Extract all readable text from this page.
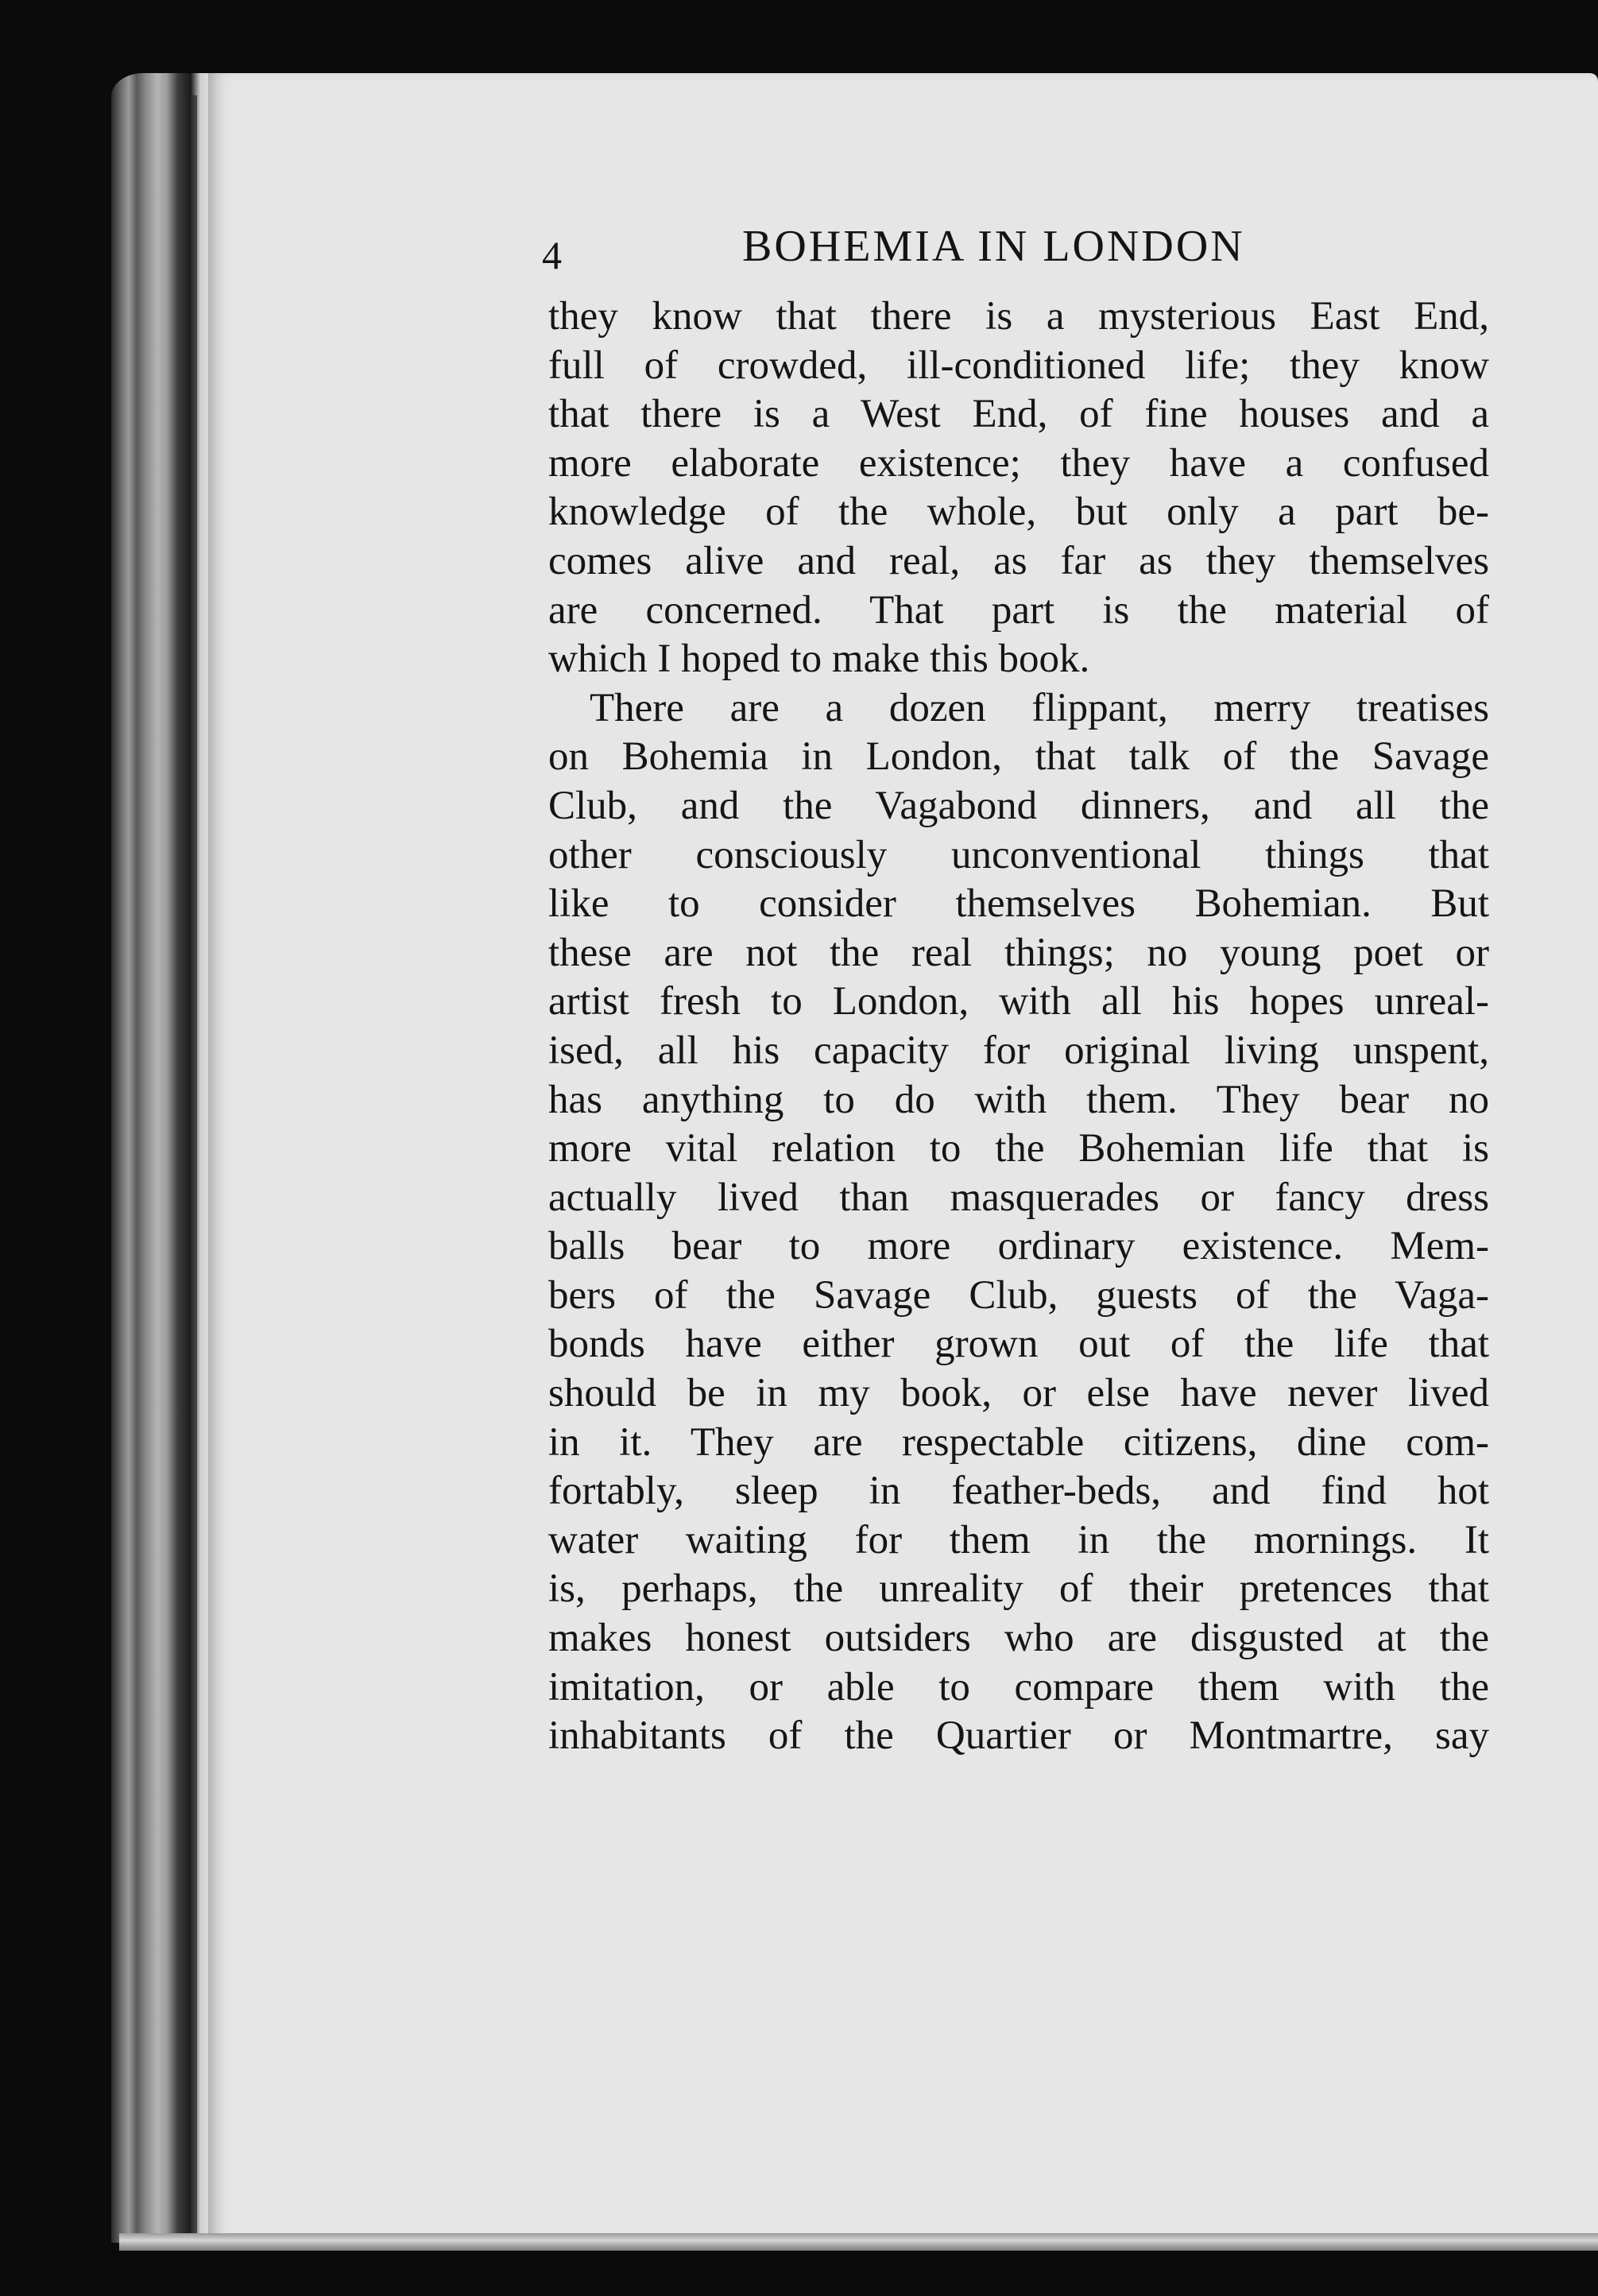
4	BOHEMIA IN LONDON
they know that there is a mysterious East End,
full of crowded, ill-conditioned life; they know
that there is a West End, of fine houses and a
more elaborate existence; they have a confused
knowledge of the whole, but only a part be-
comes alive and real, as far as they themselves
are concerned. That part is the material of
which I hoped to make this book.
There are a dozen flippant, merry treatises
on Bohemia in London, that talk of the Savage
Club, and the Vagabond dinners, and all the
other consciously unconventional things that
like to consider themselves Bohemian. But
these are not the real things; no young poet or
artist fresh to London, with all his hopes unreal-
ised, all his capacity for original living unspent,
has anything to do with them. They bear no
more vital relation to the Bohemian life that is
actually lived than masquerades or fancy dress
balls bear to more ordinary existence. Mem-
bers of the Savage Club, guests of the Vaga-
bonds have either grown out of the life that
should be in my book, or else have never lived
in it. They are respectable citizens, dine com-
fortably, sleep in feather-beds, and find hot
water waiting for them in the mornings. It
is, perhaps, the unreality of their pretences that
makes honest outsiders who are disgusted at the
imitation, or able to compare them with the
inhabitants of the Quartier or Montmartre, say
